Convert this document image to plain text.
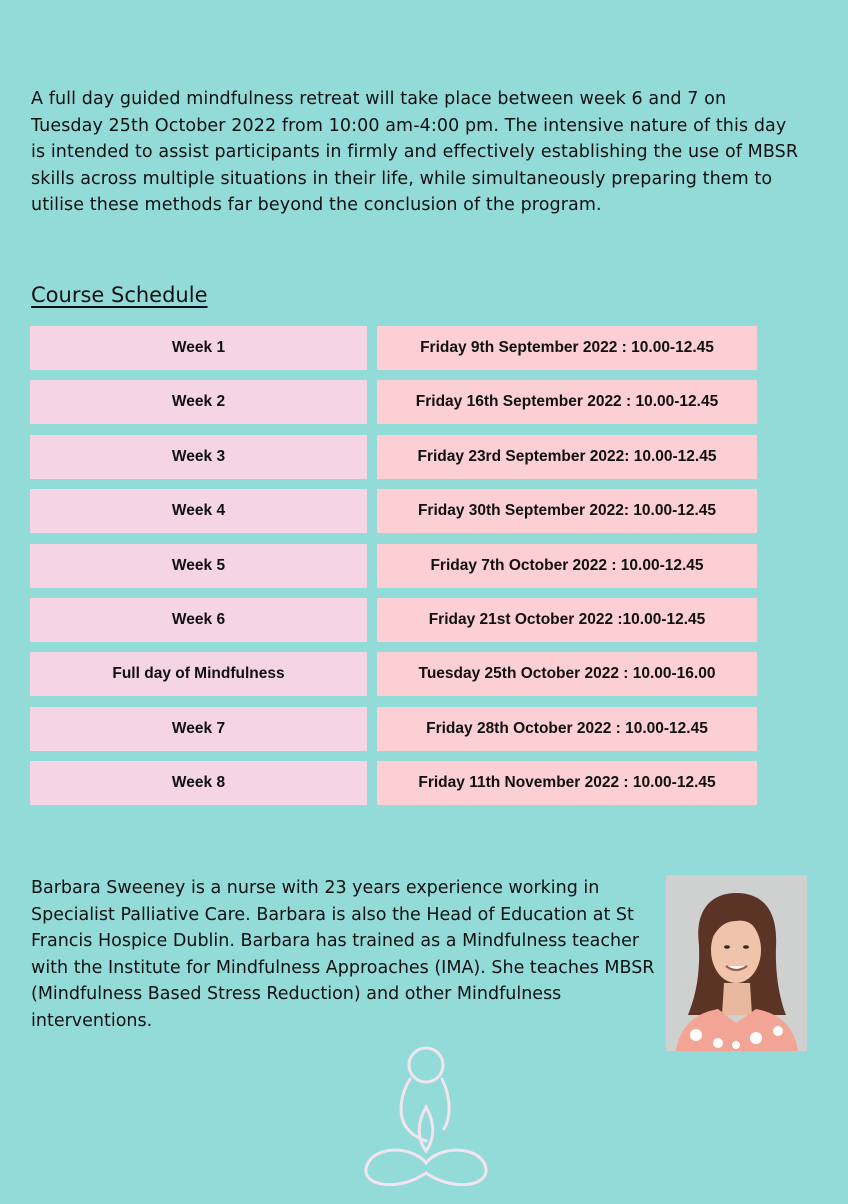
A full day guided mindfulness retreat will take place between week 6 and 7 on Tuesday 25th October 2022 from 10:00 am-4:00 pm. The intensive nature of this day is intended to assist participants in firmly and effectively establishing the use of MBSR skills across multiple situations in their life, while simultaneously preparing them to utilise these methods far beyond the conclusion of the program.

Course Schedule
Week 1	Friday 9th September 2022 : 10.00-12.45
Week 2	Friday 16th September 2022 : 10.00-12.45
Week 3	Friday 23rd September 2022: 10.00-12.45
Week 4	Friday 30th September 2022: 10.00-12.45
Week 5	Friday 7th October 2022 : 10.00-12.45
Week 6	Friday 21st October 2022 :10.00-12.45
Full day of Mindfulness	Tuesday 25th October 2022 : 10.00-16.00
Week 7	Friday 28th October 2022 : 10.00-12.45
Week 8	Friday 11th November 2022 : 10.00-12.45

Barbara Sweeney is a nurse with 23 years experience working in Specialist Palliative Care. Barbara is also the Head of Education at St Francis Hospice Dublin. Barbara has trained as a Mindfulness teacher with the Institute for Mindfulness Approaches (IMA). She teaches MBSR (Mindfulness Based Stress Reduction) and other Mindfulness interventions.
